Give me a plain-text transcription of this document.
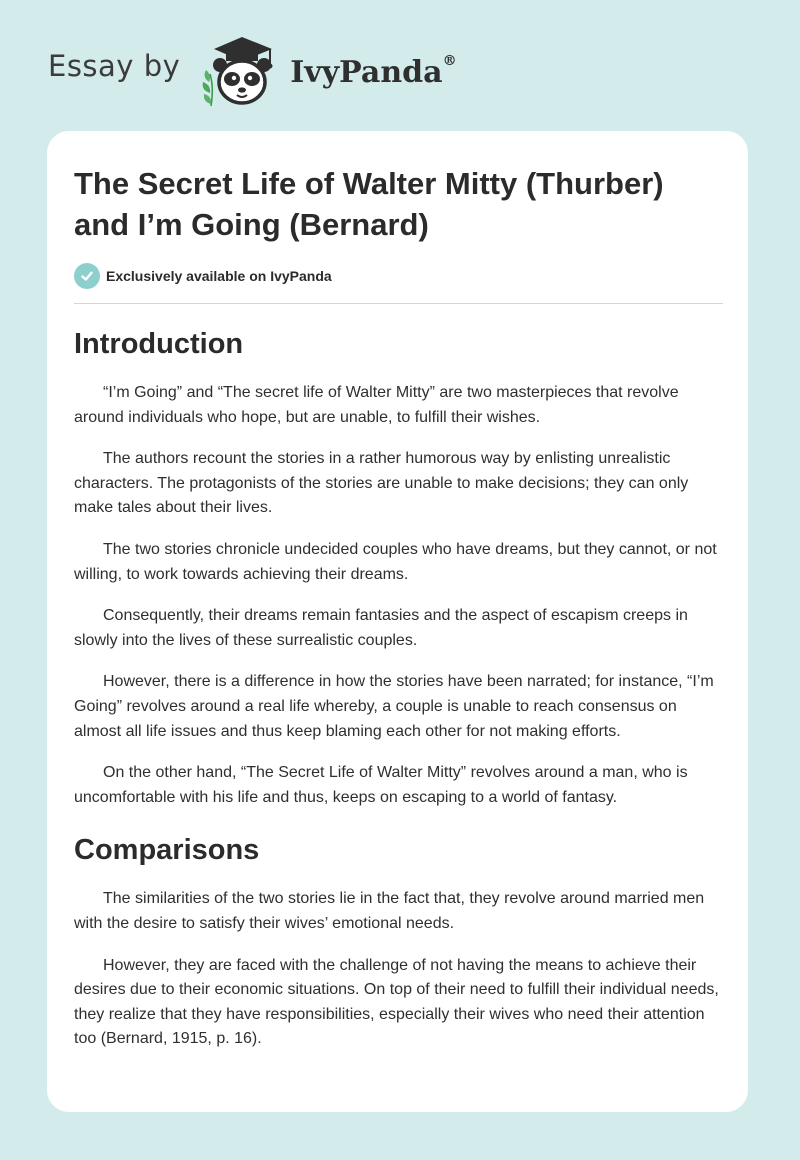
Essay by	IvyPanda®
The Secret Life of Walter Mitty (Thurber) and I’m Going (Bernard)
Exclusively available on IvyPanda
Introduction

“I’m Going” and “The secret life of Walter Mitty” are two masterpieces that revolve around individuals who hope, but are unable, to fulfill their wishes.

The authors recount the stories in a rather humorous way by enlisting unrealistic characters. The protagonists of the stories are unable to make decisions; they can only make tales about their lives.

The two stories chronicle undecided couples who have dreams, but they cannot, or not willing, to work towards achieving their dreams.

Consequently, their dreams remain fantasies and the aspect of escapism creeps in slowly into the lives of these surrealistic couples.

However, there is a difference in how the stories have been narrated; for instance, “I’m Going” revolves around a real life whereby, a couple is unable to reach consensus on almost all life issues and thus keep blaming each other for not making efforts.

On the other hand, “The Secret Life of Walter Mitty” revolves around a man, who is uncomfortable with his life and thus, keeps on escaping to a world of fantasy.

Comparisons

The similarities of the two stories lie in the fact that, they revolve around married men with the desire to satisfy their wives’ emotional needs.

However, they are faced with the challenge of not having the means to achieve their desires due to their economic situations. On top of their need to fulfill their individual needs, they realize that they have responsibilities, especially their wives who need their attention too (Bernard, 1915, p. 16).
